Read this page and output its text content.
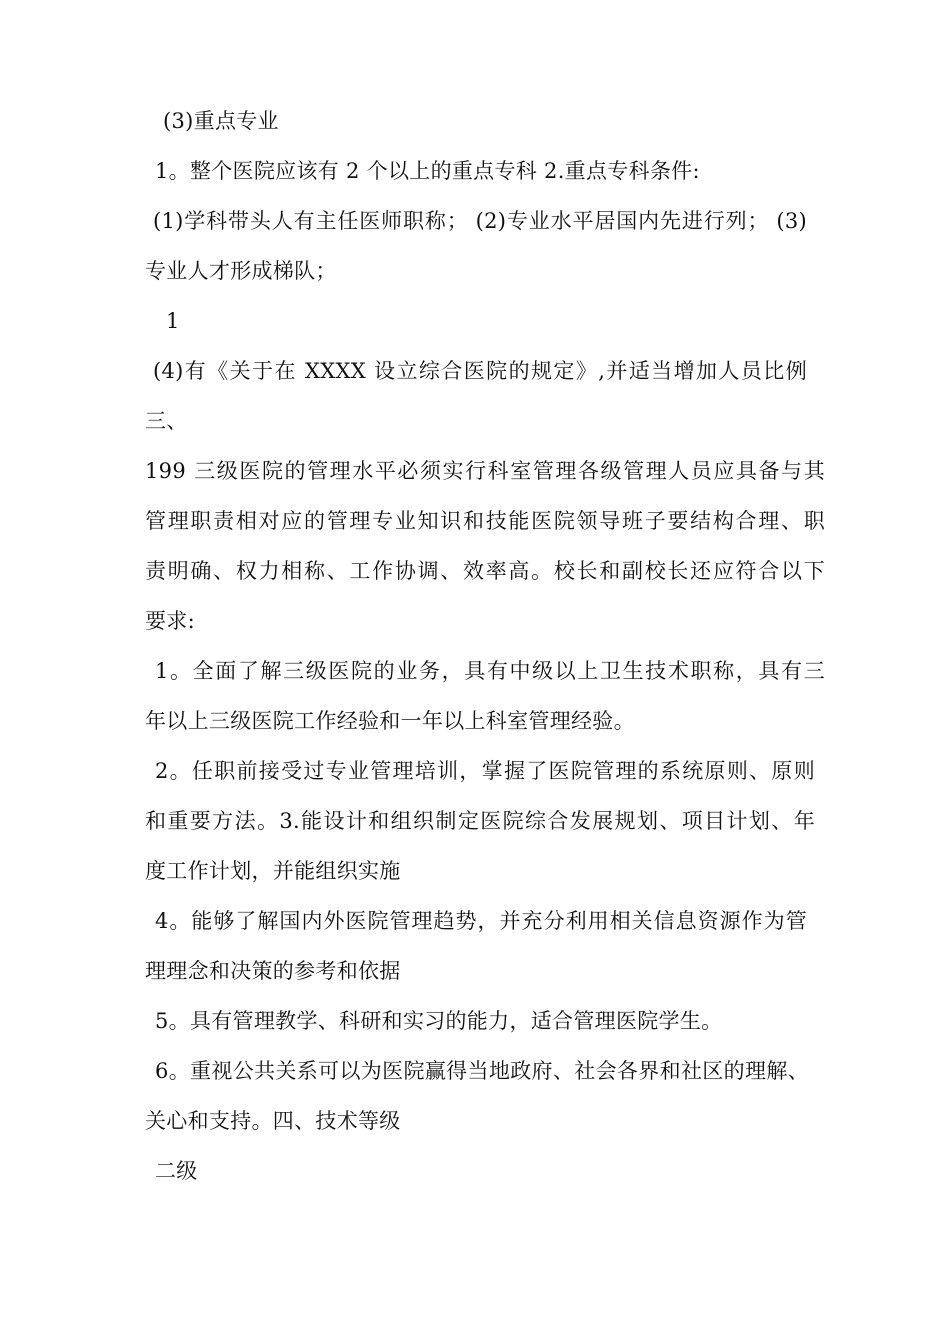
(3)重点专业
1。整个医院应该有 2 个以上的重点专科 2.重点专科条件:
(1)学科带头人有主任医师职称； (2)专业水平居国内先进行列； (3)
专业人才形成梯队；
1
(4)有《关于在 XXXX 设立综合医院的规定》,并适当增加人员比例
三、
199 三级医院的管理水平必须实行科室管理各级管理人员应具备与其
管理职责相对应的管理专业知识和技能医院领导班子要结构合理、职
责明确、权力相称、工作协调、效率高。校长和副校长还应符合以下
要求:
1。全面了解三级医院的业务，具有中级以上卫生技术职称，具有三
年以上三级医院工作经验和一年以上科室管理经验。
2。任职前接受过专业管理培训，掌握了医院管理的系统原则、原则
和重要方法。3.能设计和组织制定医院综合发展规划、项目计划、年
度工作计划，并能组织实施
4。能够了解国内外医院管理趋势，并充分利用相关信息资源作为管
理理念和决策的参考和依据
5。具有管理教学、科研和实习的能力，适合管理医院学生。
6。重视公共关系可以为医院赢得当地政府、社会各界和社区的理解、
关心和支持。四、技术等级
二级
